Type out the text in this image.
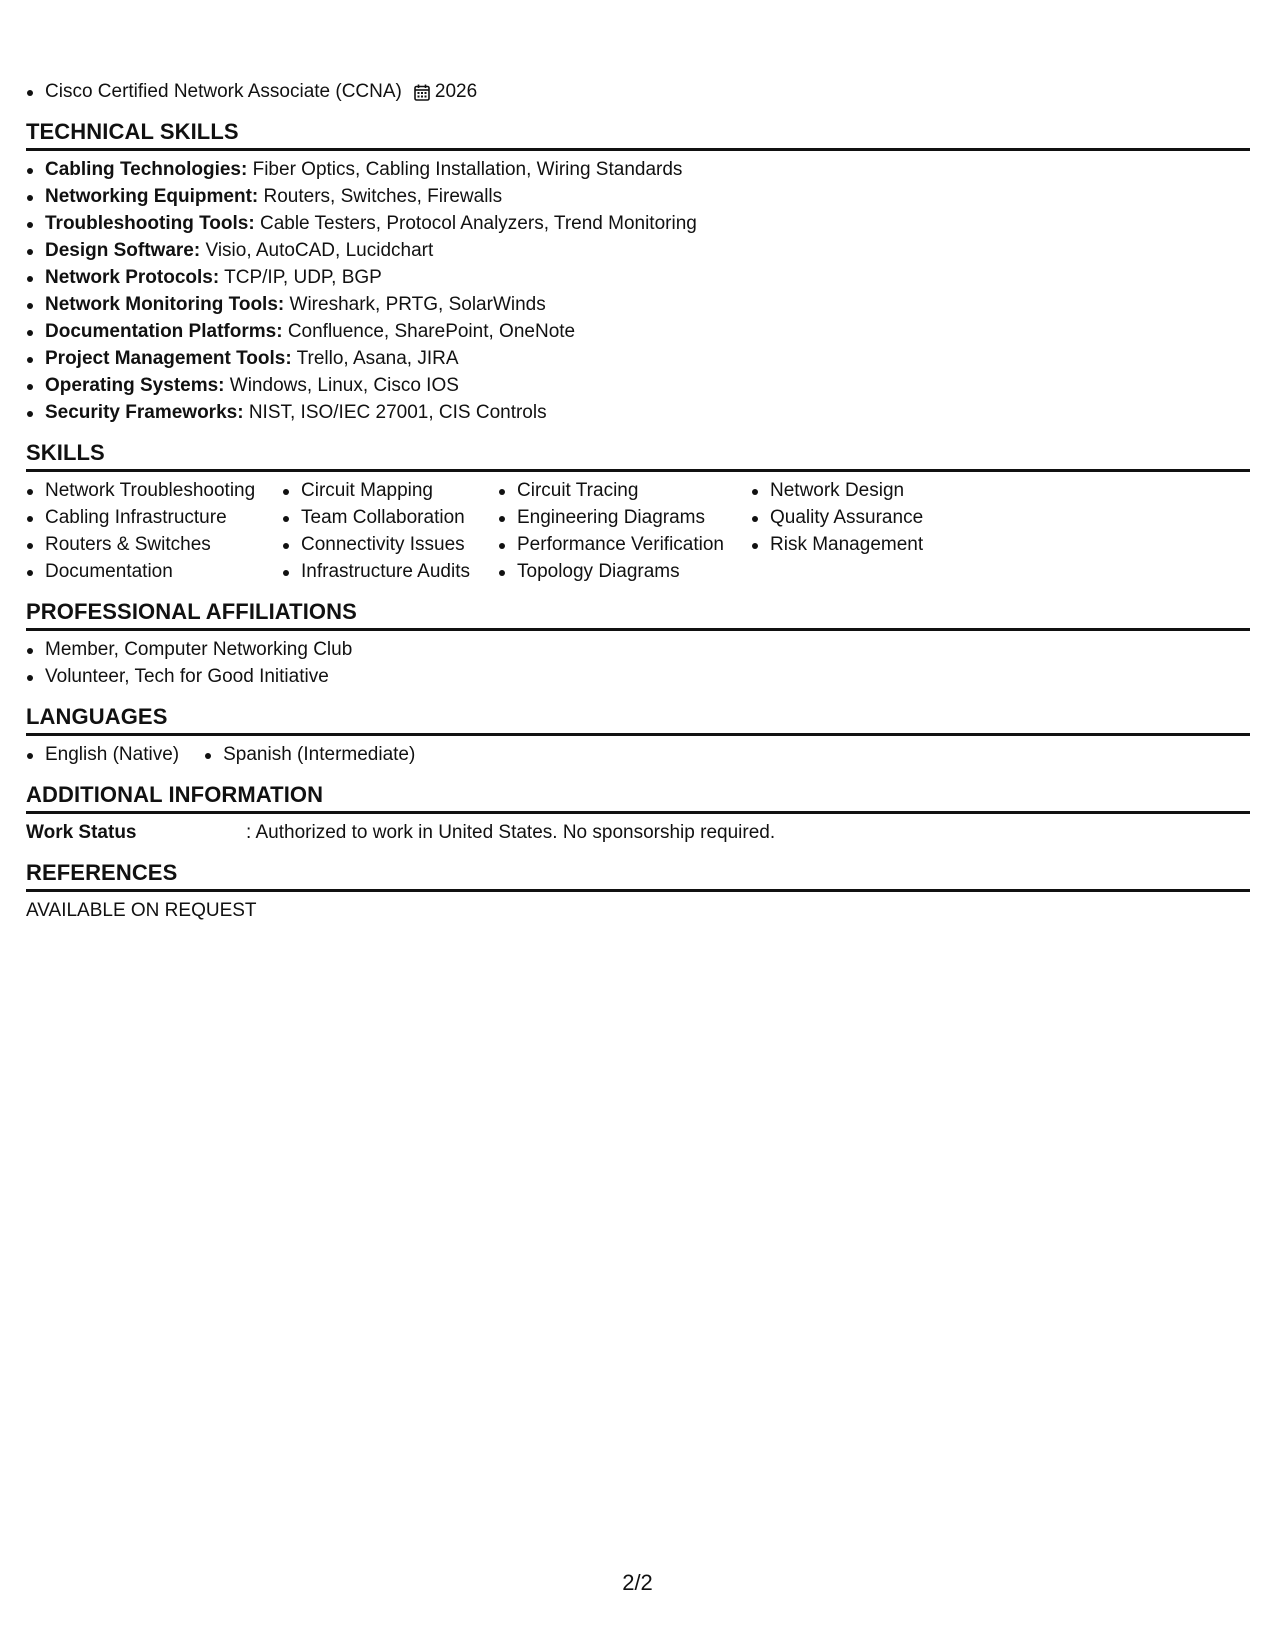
Cisco Certified Network Associate (CCNA) 2026
TECHNICAL SKILLS
Cabling Technologies: Fiber Optics, Cabling Installation, Wiring Standards
Networking Equipment: Routers, Switches, Firewalls
Troubleshooting Tools: Cable Testers, Protocol Analyzers, Trend Monitoring
Design Software: Visio, AutoCAD, Lucidchart
Network Protocols: TCP/IP, UDP, BGP
Network Monitoring Tools: Wireshark, PRTG, SolarWinds
Documentation Platforms: Confluence, SharePoint, OneNote
Project Management Tools: Trello, Asana, JIRA
Operating Systems: Windows, Linux, Cisco IOS
Security Frameworks: NIST, ISO/IEC 27001, CIS Controls
SKILLS
Network Troubleshooting
Cabling Infrastructure
Routers & Switches
Documentation
Circuit Mapping
Team Collaboration
Connectivity Issues
Infrastructure Audits
Circuit Tracing
Engineering Diagrams
Performance Verification
Topology Diagrams
Network Design
Quality Assurance
Risk Management
PROFESSIONAL AFFILIATIONS
Member, Computer Networking Club
Volunteer, Tech for Good Initiative
LANGUAGES
English (Native)	Spanish (Intermediate)
ADDITIONAL INFORMATION
Work Status	: Authorized to work in United States. No sponsorship required.
REFERENCES
AVAILABLE ON REQUEST
2/2
